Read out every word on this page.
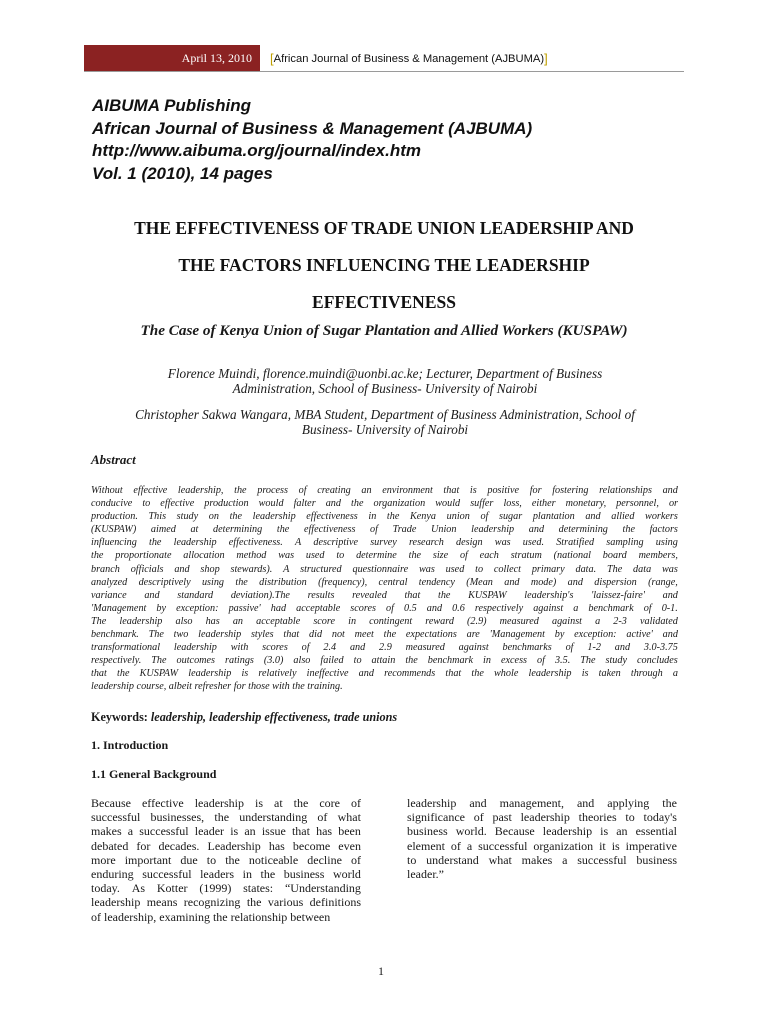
April 13, 2010	[ African Journal of Business & Management (AJBUMA) ]
AIBUMA Publishing
African Journal of Business & Management (AJBUMA)
http://www.aibuma.org/journal/index.htm
Vol. 1 (2010), 14 pages
THE EFFECTIVENESS OF TRADE UNION LEADERSHIP AND
THE FACTORS INFLUENCING THE LEADERSHIP
EFFECTIVENESS
The Case of Kenya Union of Sugar Plantation and Allied Workers (KUSPAW)
Florence Muindi, florence.muindi@uonbi.ac.ke; Lecturer, Department of Business
Administration, School of Business- University of Nairobi
Christopher Sakwa Wangara, MBA Student, Department of Business Administration, School of
Business- University of Nairobi
Abstract
Without effective leadership, the process of creating an environment that is positive for fostering relationships and
conducive to effective production would falter and the organization would suffer loss, either monetary, personnel, or
production. This study on the leadership effectiveness in the Kenya union of sugar plantation and allied workers
(KUSPAW) aimed at determining the effectiveness of Trade Union leadership and determining the factors
influencing the leadership effectiveness. A descriptive survey research design was used. Stratified sampling using
the proportionate allocation method was used to determine the size of each stratum (national board members,
branch officials and shop stewards). A structured questionnaire was used to collect primary data. The data was
analyzed descriptively using the distribution (frequency), central tendency (Mean and mode) and dispersion (range,
variance and standard deviation).The results revealed that the KUSPAW leadership's 'laissez-faire' and
'Management by exception: passive' had acceptable scores of 0.5 and 0.6 respectively against a benchmark of 0-1.
The leadership also has an acceptable score in contingent reward (2.9) measured against a 2-3 validated
benchmark. The two leadership styles that did not meet the expectations are 'Management by exception: active' and
transformational leadership with scores of 2.4 and 2.9 measured against benchmarks of 1-2 and 3.0-3.75
respectively. The outcomes ratings (3.0) also failed to attain the benchmark in excess of 3.5. The study concludes
that the KUSPAW leadership is relatively ineffective and recommends that the whole leadership is taken through a
leadership course, albeit refresher for those with the training.
Keywords: leadership, leadership effectiveness, trade unions
1. Introduction
1.1 General Background
Because effective leadership is at the core of
successful businesses, the understanding of what
makes a successful leader is an issue that has been
debated for decades. Leadership has become even
more important due to the noticeable decline of
enduring successful leaders in the business world
today. As Kotter (1999) states: “Understanding
leadership means recognizing the various definitions
of leadership, examining the relationship between
leadership and management, and applying the
significance of past leadership theories to today's
business world. Because leadership is an essential
element of a successful organization it is imperative
to understand what makes a successful business
leader.”
1
